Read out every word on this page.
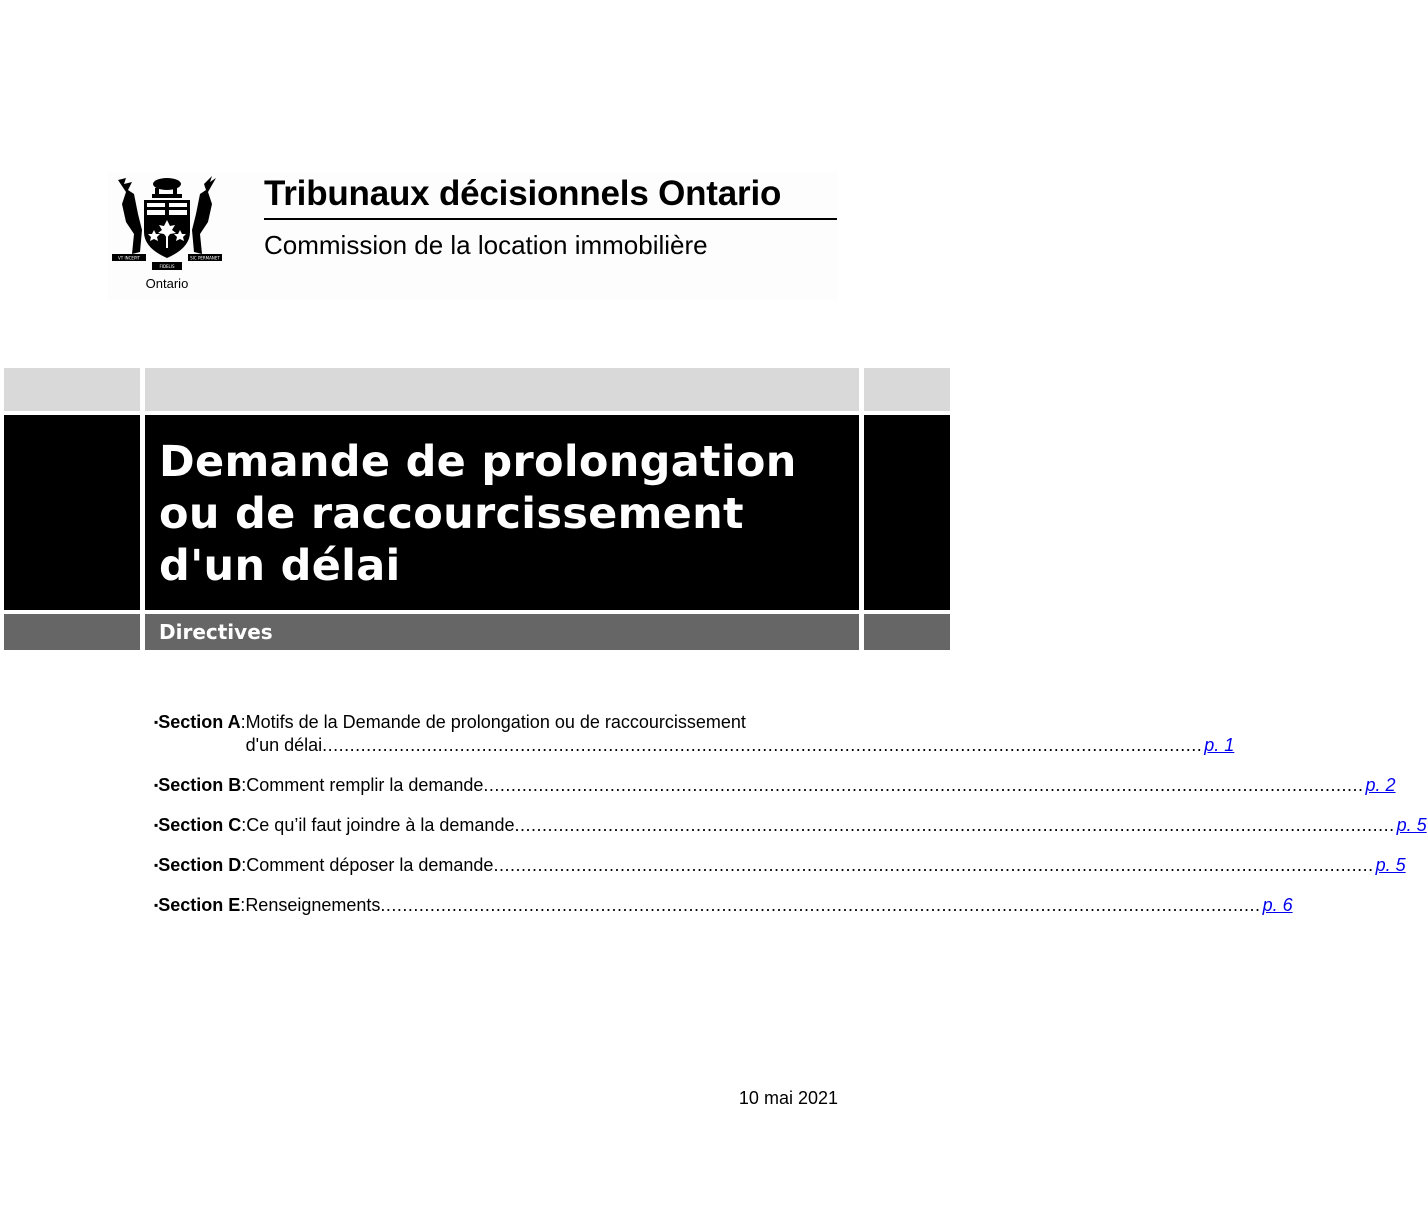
VT INCEPIT
FIDELIS
SIC PERMANET
Ontario
Tribunaux décisionnels Ontario
Commission de la location immobilière
Demande de prolongation ou de raccourcissement d'un délai
Directives
▪ Section A: Motifs de la Demande de prolongation ou de raccourcissement
d'un délai .....	p. 1
▪ Section B: Comment remplir la demande .....	p. 2
▪ Section C: Ce qu’il faut joindre à la demande .....	p. 5
▪ Section D: Comment déposer la demande .....	p. 5
▪ Section E: Renseignements .....	p. 6
10 mai 2021
